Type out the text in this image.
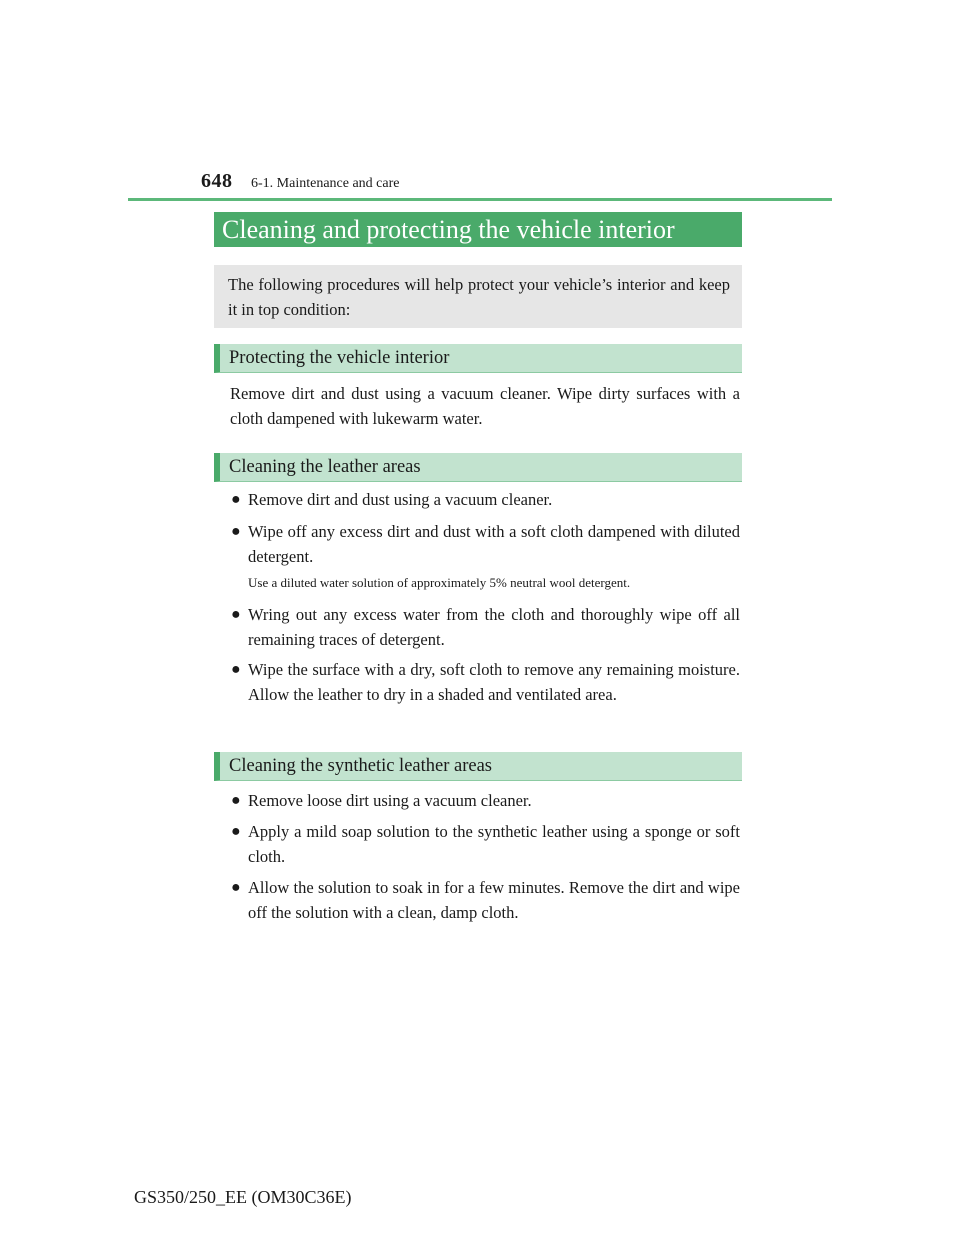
648 6-1. Maintenance and care
Cleaning and protecting the vehicle interior
The following procedures will help protect your vehicle’s interior and keep it in top condition:
Protecting the vehicle interior
Remove dirt and dust using a vacuum cleaner. Wipe dirty surfaces with a cloth dampened with lukewarm water.
Cleaning the leather areas
● Remove dirt and dust using a vacuum cleaner.
● Wipe off any excess dirt and dust with a soft cloth dampened with diluted detergent.
Use a diluted water solution of approximately 5% neutral wool detergent.
● Wring out any excess water from the cloth and thoroughly wipe off all remaining traces of detergent.
● Wipe the surface with a dry, soft cloth to remove any remaining moisture. Allow the leather to dry in a shaded and ventilated area.
Cleaning the synthetic leather areas
● Remove loose dirt using a vacuum cleaner.
● Apply a mild soap solution to the synthetic leather using a sponge or soft cloth.
● Allow the solution to soak in for a few minutes. Remove the dirt and wipe off the solution with a clean, damp cloth.
GS350/250_EE (OM30C36E)
